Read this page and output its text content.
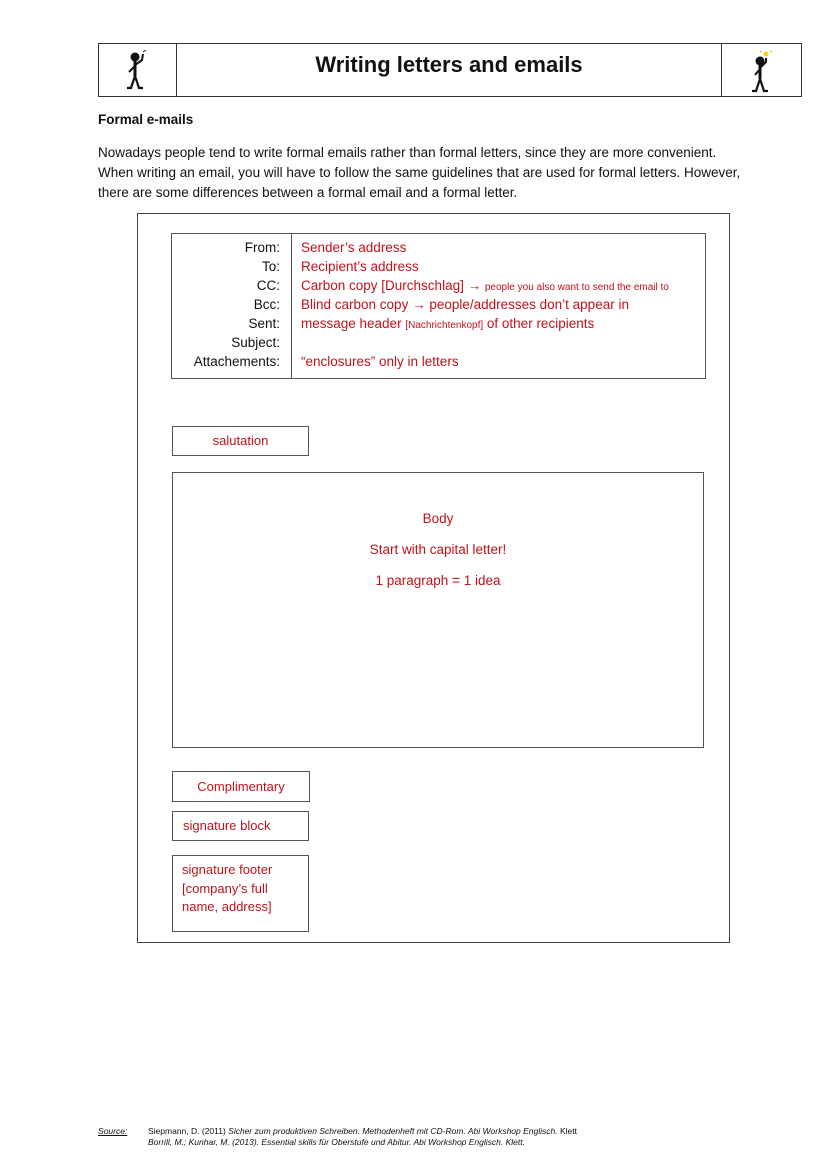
Writing letters and emails
Formal e-mails
Nowadays people tend to write formal emails rather than formal letters, since they are more convenient.
When writing an email, you will have to follow the same guidelines that are used for formal letters. However,
there are some differences between a formal email and a formal letter.
From:
To:
CC:
Bcc:
Sent:
Subject:
Attachements:
Sender’s address
Recipient’s address
Carbon copy [Durchschlag] → people you also want to send the email to
Blind carbon copy → people/addresses don’t appear in
message header [Nachrichtenkopf] of other recipients
“enclosures” only in letters
salutation
Body
Start with capital letter!
1 paragraph = 1 idea
Complimentary
signature block
signature footer
[company’s full
name, address]
Source: Siepmann, D. (2011) Sicher zum produktiven Schreiben. Methodenheft mit CD-Rom. Abi Workshop Englisch. Klett
Borrill, M.; Kunhar, M. (2013). Essential skills für Oberstufe und Abitur. Abi Workshop Englisch. Klett.
